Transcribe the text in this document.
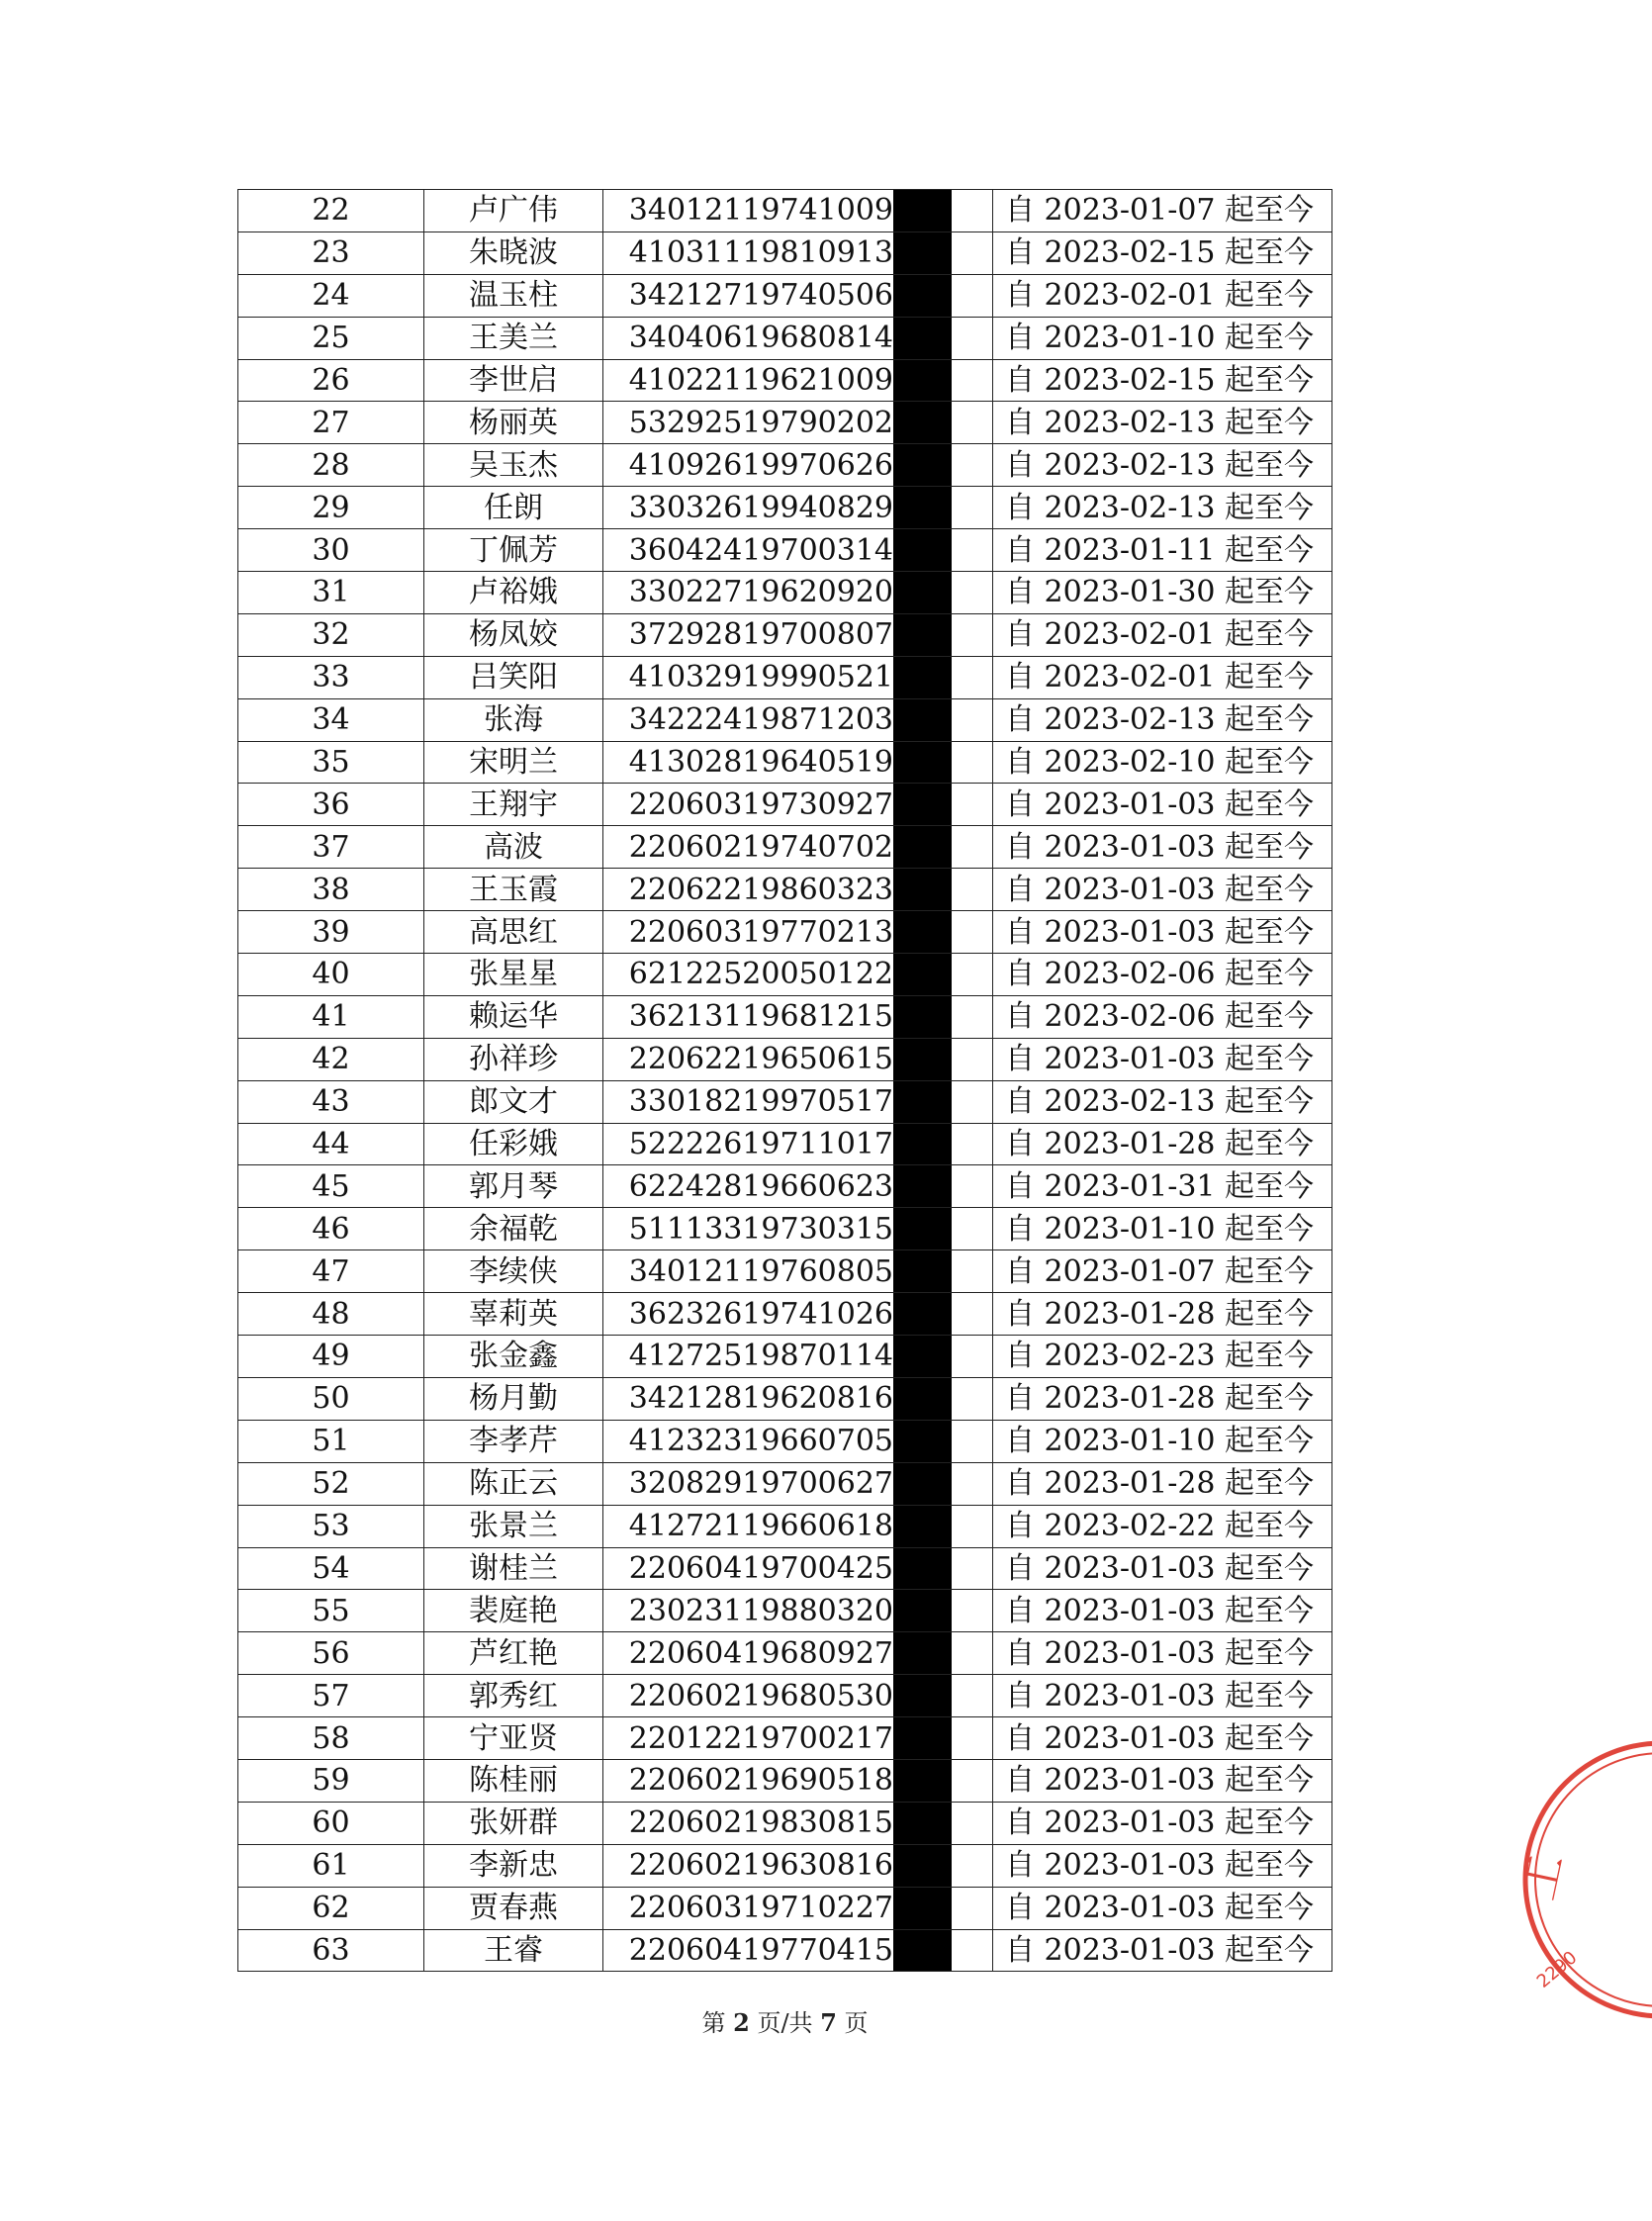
22	卢广伟	34012119741009			自 2023-01-07 起至今
23	朱晓波	41031119810913			自 2023-02-15 起至今
24	温玉柱	34212719740506			自 2023-02-01 起至今
25	王美兰	34040619680814			自 2023-01-10 起至今
26	李世启	41022119621009			自 2023-02-15 起至今
27	杨丽英	53292519790202			自 2023-02-13 起至今
28	吴玉杰	41092619970626			自 2023-02-13 起至今
29	任朗	33032619940829			自 2023-02-13 起至今
30	丁佩芳	36042419700314			自 2023-01-11 起至今
31	卢裕娥	33022719620920			自 2023-01-30 起至今
32	杨凤姣	37292819700807			自 2023-02-01 起至今
33	吕笑阳	41032919990521			自 2023-02-01 起至今
34	张海	34222419871203			自 2023-02-13 起至今
35	宋明兰	41302819640519			自 2023-02-10 起至今
36	王翔宇	22060319730927			自 2023-01-03 起至今
37	高波	22060219740702			自 2023-01-03 起至今
38	王玉霞	22062219860323			自 2023-01-03 起至今
39	高思红	22060319770213			自 2023-01-03 起至今
40	张星星	62122520050122			自 2023-02-06 起至今
41	赖运华	36213119681215			自 2023-02-06 起至今
42	孙祥珍	22062219650615			自 2023-01-03 起至今
43	郎文才	33018219970517			自 2023-02-13 起至今
44	任彩娥	52222619711017			自 2023-01-28 起至今
45	郭月琴	62242819660623			自 2023-01-31 起至今
46	余福乾	51113319730315			自 2023-01-10 起至今
47	李续侠	34012119760805			自 2023-01-07 起至今
48	辜莉英	36232619741026			自 2023-01-28 起至今
49	张金鑫	41272519870114			自 2023-02-23 起至今
50	杨月勤	34212819620816			自 2023-01-28 起至今
51	李孝芹	41232319660705			自 2023-01-10 起至今
52	陈正云	32082919700627			自 2023-01-28 起至今
53	张景兰	41272119660618			自 2023-02-22 起至今
54	谢桂兰	22060419700425			自 2023-01-03 起至今
55	裴庭艳	23023119880320			自 2023-01-03 起至今
56	芦红艳	22060419680927			自 2023-01-03 起至今
57	郭秀红	22060219680530			自 2023-01-03 起至今
58	宁亚贤	22012219700217			自 2023-01-03 起至今
59	陈桂丽	22060219690518			自 2023-01-03 起至今
60	张妍群	22060219830815			自 2023-01-03 起至今
61	李新忠	22060219630816			自 2023-01-03 起至今
62	贾春燕	22060319710227			自 2023-01-03 起至今
63	王睿	22060419770415			自 2023-01-03 起至今
第 2 页/共 7 页
工
2290
